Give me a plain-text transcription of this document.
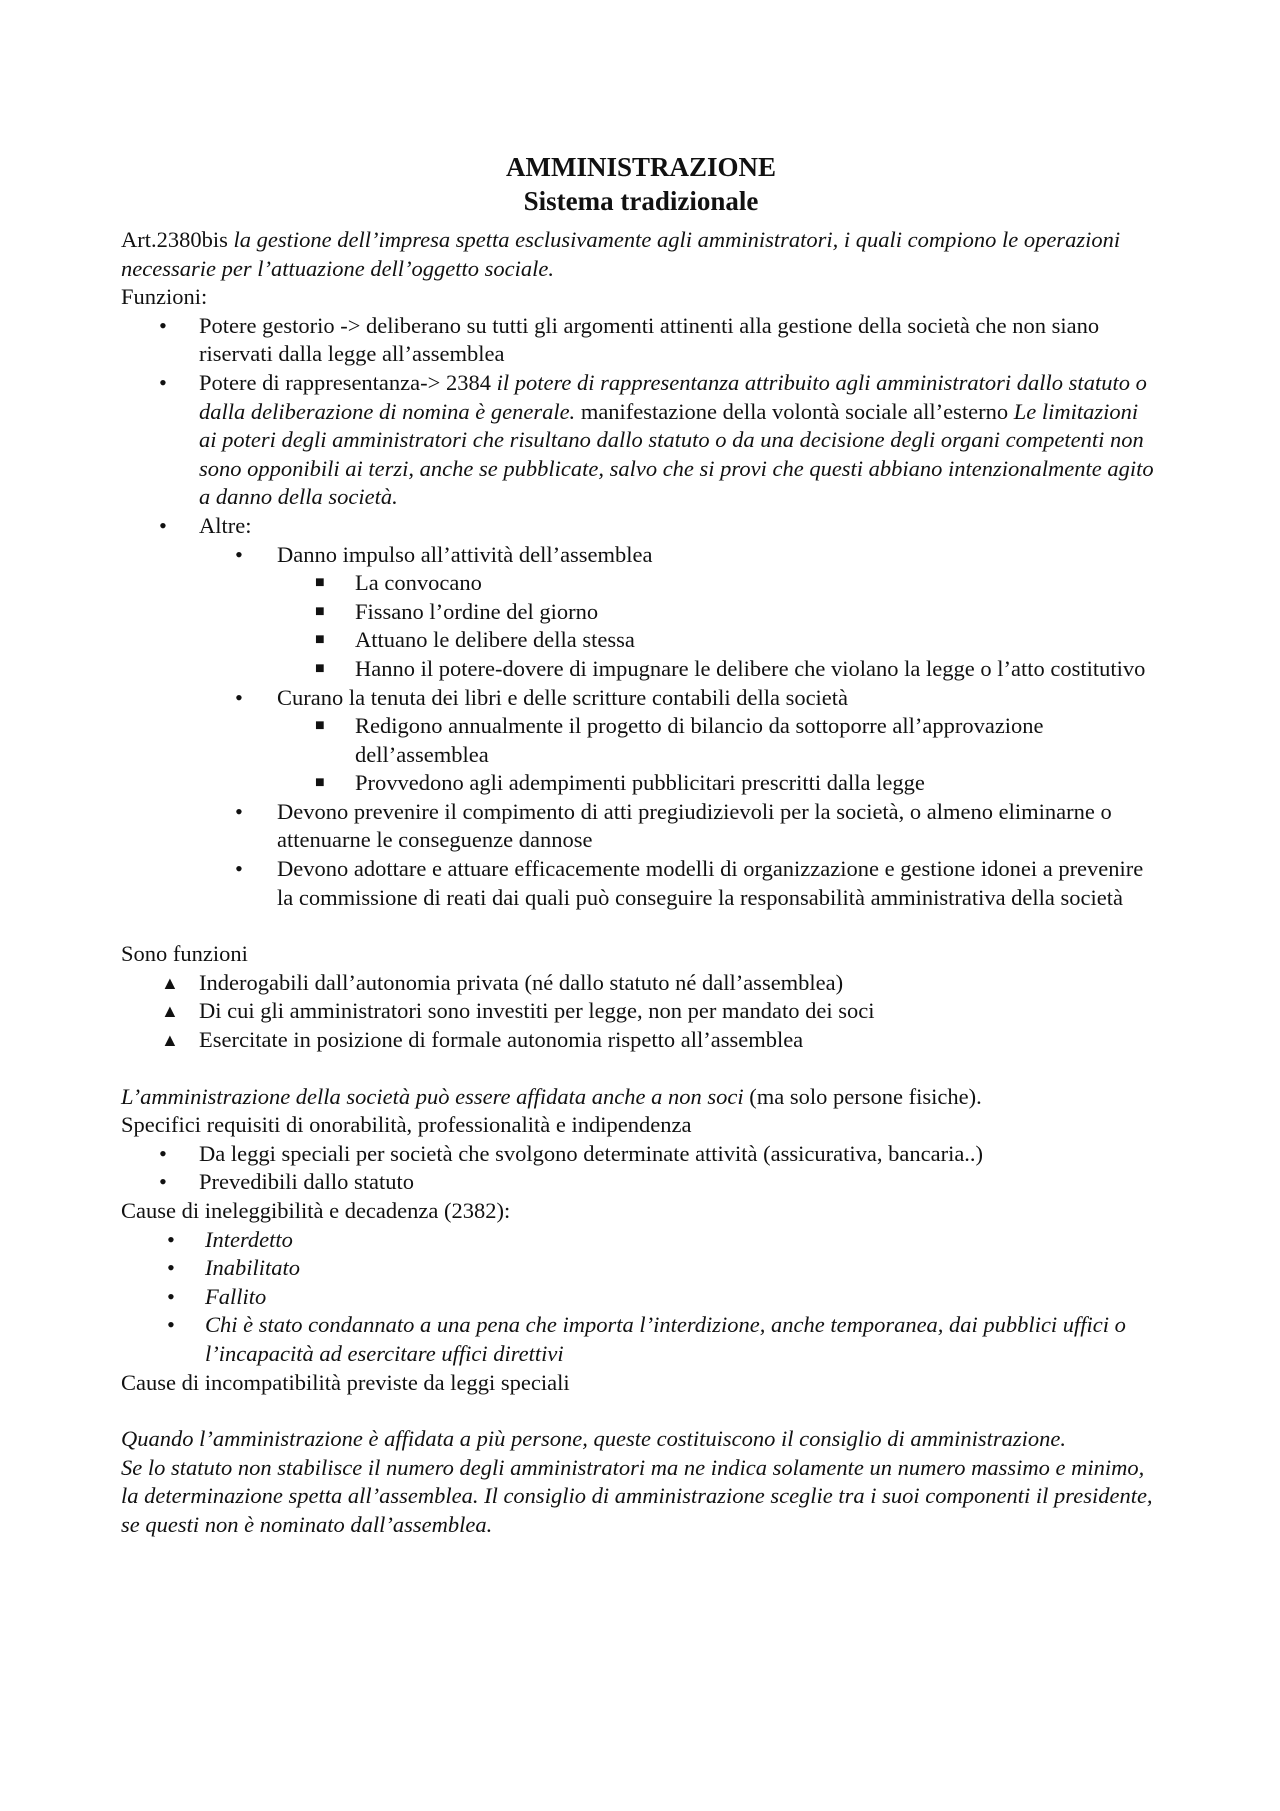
AMMINISTRAZIONE
Sistema tradizionale

Art.2380bis la gestione dell’impresa spetta esclusivamente agli amministratori, i quali compiono le operazioni necessarie per l’attuazione dell’oggetto sociale.

Funzioni:

• Potere gestorio -> deliberano su tutti gli argomenti attinenti alla gestione della società che non siano riservati dalla legge all’assemblea
• Potere di rappresentanza-> 2384 il potere di rappresentanza attribuito agli amministratori dallo statuto o dalla deliberazione di nomina è generale. manifestazione della volontà sociale all’esterno Le limitazioni ai poteri degli amministratori che risultano dallo statuto o da una decisione degli organi competenti non sono opponibili ai terzi, anche se pubblicate, salvo che si provi che questi abbiano intenzionalmente agito a danno della società.
• Altre:
• Danno impulso all’attività dell’assemblea
■ La convocano
■ Fissano l’ordine del giorno
■ Attuano le delibere della stessa
■ Hanno il potere-dovere di impugnare le delibere che violano la legge o l’atto costitutivo
• Curano la tenuta dei libri e delle scritture contabili della società
■ Redigono annualmente il progetto di bilancio da sottoporre all’approvazione dell’assemblea
■ Provvedono agli adempimenti pubblicitari prescritti dalla legge
• Devono prevenire il compimento di atti pregiudizievoli per la società, o almeno eliminarne o attenuarne le conseguenze dannose
• Devono adottare e attuare efficacemente modelli di organizzazione e gestione idonei a prevenire la commissione di reati dai quali può conseguire la responsabilità amministrativa della società

Sono funzioni

▲ Inderogabili dall’autonomia privata (né dallo statuto né dall’assemblea)
▲ Di cui gli amministratori sono investiti per legge, non per mandato dei soci
▲ Esercitate in posizione di formale autonomia rispetto all’assemblea

L’amministrazione della società può essere affidata anche a non soci (ma solo persone fisiche).

Specifici requisiti di onorabilità, professionalità e indipendenza

• Da leggi speciali per società che svolgono determinate attività (assicurativa, bancaria..)
• Prevedibili dallo statuto

Cause di ineleggibilità e decadenza (2382):

• Interdetto
• Inabilitato
• Fallito
• Chi è stato condannato a una pena che importa l’interdizione, anche temporanea, dai pubblici uffici o l’incapacità ad esercitare uffici direttivi

Cause di incompatibilità previste da leggi speciali

Quando l’amministrazione è affidata a più persone, queste costituiscono il consiglio di amministrazione.

Se lo statuto non stabilisce il numero degli amministratori ma ne indica solamente un numero massimo e minimo, la determinazione spetta all’assemblea. Il consiglio di amministrazione sceglie tra i suoi componenti il presidente, se questi non è nominato dall’assemblea.
